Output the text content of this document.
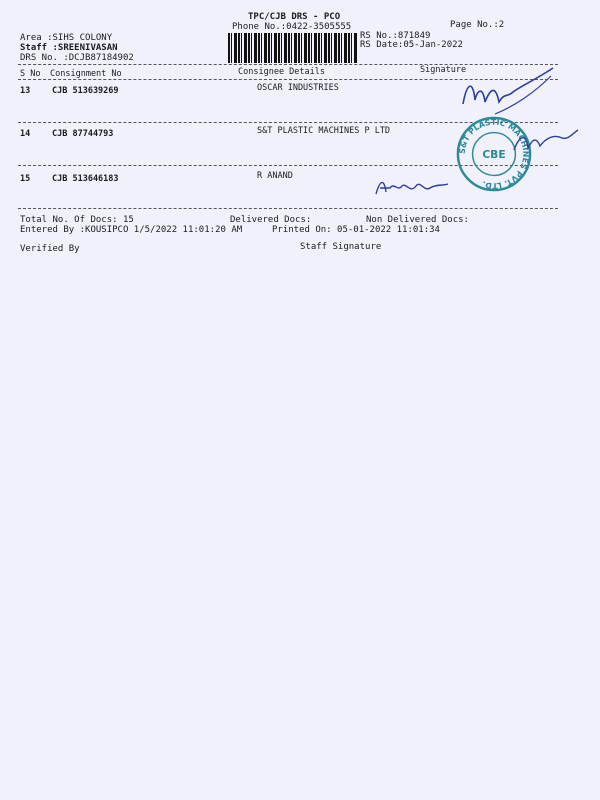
TPC/CJB DRS - PCO
Phone No.:0422-3505555	Page No.:2
Area :SIHS COLONY
Staff :SREENIVASAN
DRS No. :DCJB87184902
RS No.:871849
RS Date:05-Jan-2022
S No Consignment No	Consignee Details	Signature
13	CJB 513639269	OSCAR INDUSTRIES
14	CJB 87744793	S&T PLASTIC MACHINES P LTD
15	CJB 513646183	R ANAND
Total No. Of Docs: 15	Delivered Docs:	Non Delivered Docs:
Entered By :KOUSIPCO 1/5/2022 11:01:20 AM	Printed On: 05-01-2022 11:01:34
Verified By	Staff Signature
S&T PLASTIC MACHINES PVT. LTD.
CBE
